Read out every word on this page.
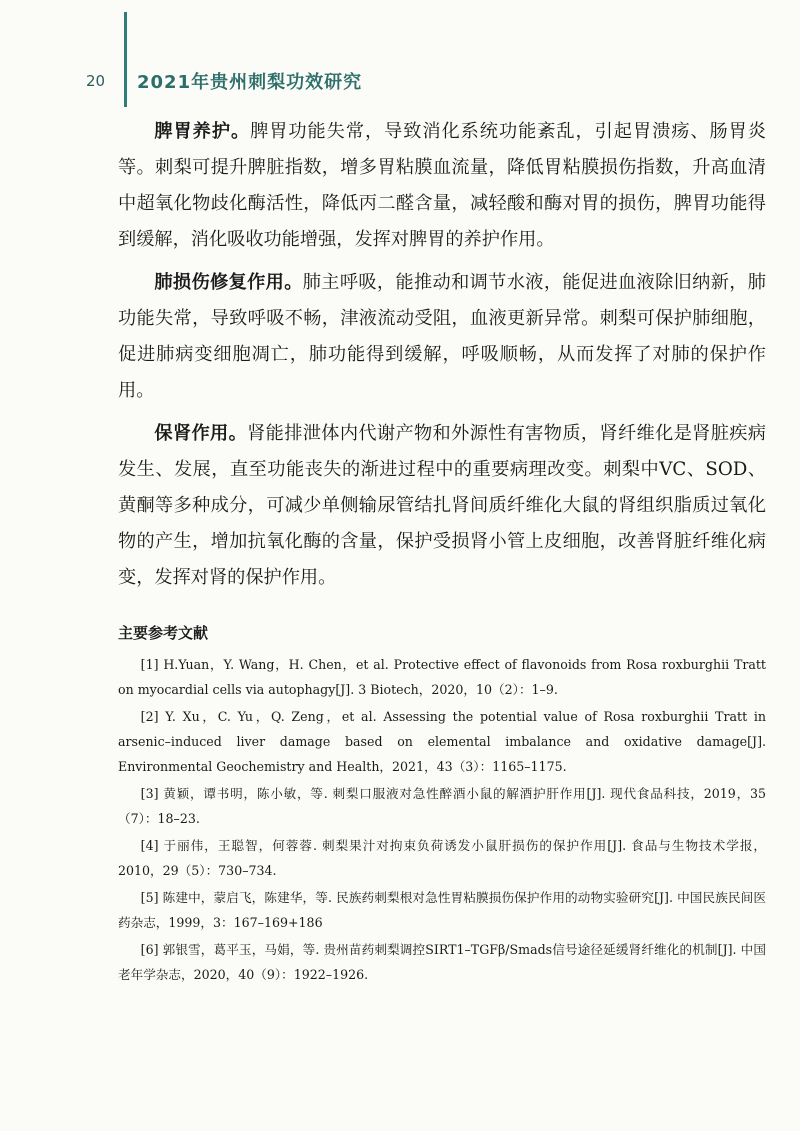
20 2021年贵州刺梨功效研究

脾胃养护。脾胃功能失常，导致消化系统功能紊乱，引起胃溃疡、肠胃炎等。刺梨可提升脾脏指数，增多胃粘膜血流量，降低胃粘膜损伤指数，升高血清中超氧化物歧化酶活性，降低丙二醛含量，减轻酸和酶对胃的损伤，脾胃功能得到缓解，消化吸收功能增强，发挥对脾胃的养护作用。

肺损伤修复作用。肺主呼吸，能推动和调节水液，能促进血液除旧纳新，肺功能失常，导致呼吸不畅，津液流动受阻，血液更新异常。刺梨可保护肺细胞，促进肺病变细胞凋亡，肺功能得到缓解，呼吸顺畅，从而发挥了对肺的保护作用。

保肾作用。肾能排泄体内代谢产物和外源性有害物质，肾纤维化是肾脏疾病发生、发展，直至功能丧失的渐进过程中的重要病理改变。刺梨中VC、SOD、黄酮等多种成分，可减少单侧输尿管结扎肾间质纤维化大鼠的肾组织脂质过氧化物的产生，增加抗氧化酶的含量，保护受损肾小管上皮细胞，改善肾脏纤维化病变，发挥对肾的保护作用。

主要参考文献

[1] H.Yuan，Y. Wang，H. Chen，et al. Protective effect of flavonoids from Rosa roxburghii Tratt on myocardial cells via autophagy[J]. 3 Biotech，2020，10（2）：1–9.

[2] Y. Xu，C. Yu，Q. Zeng，et al. Assessing the potential value of Rosa roxburghii Tratt in arsenic–induced liver damage based on elemental imbalance and oxidative damage[J]. Environmental Geochemistry and Health，2021，43（3）：1165–1175.

[3] 黄颖，谭书明，陈小敏，等. 刺梨口服液对急性醉酒小鼠的解酒护肝作用[J]. 现代食品科技，2019，35（7）：18–23.

[4] 于丽伟，王聪智，何蓉蓉. 刺梨果汁对拘束负荷诱发小鼠肝损伤的保护作用[J]. 食品与生物技术学报，2010，29（5）：730–734.

[5] 陈建中，蒙启飞，陈建华，等. 民族药刺梨根对急性胃粘膜损伤保护作用的动物实验研究[J]. 中国民族民间医药杂志，1999，3：167–169+186

[6] 郭银雪，葛平玉，马娟，等. 贵州苗药刺梨调控SIRT1–TGFβ/Smads信号途径延缓肾纤维化的机制[J]. 中国老年学杂志，2020，40（9）：1922–1926.
